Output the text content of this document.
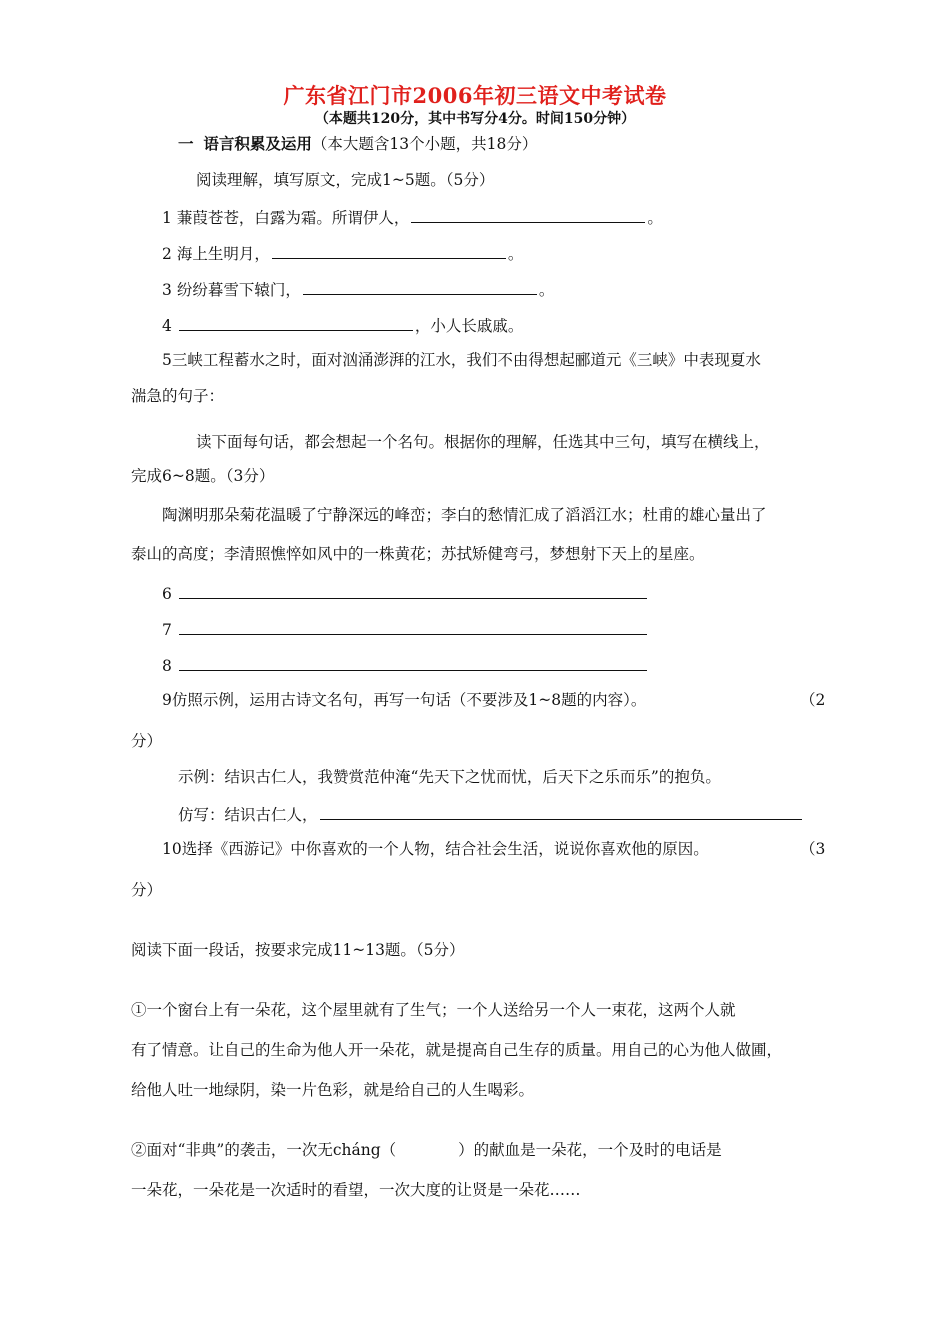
广东省江门市2006年初三语文中考试卷
（本题共120分，其中书写分4分。时间150分钟）
一 语言积累及运用（本大题含13个小题，共18分）
阅读理解，填写原文，完成1~5题。（5分）
1 蒹葭苍苍，白露为霜。所谓伊人，	。
2 海上生明月，	。
3 纷纷暮雪下辕门，	。
4	，小人长戚戚。
5三峡工程蓄水之时，面对汹涌澎湃的江水，我们不由得想起郦道元《三峡》中表现夏水
湍急的句子：
读下面每句话，都会想起一个名句。根据你的理解，任选其中三句，填写在横线上，
完成6~8题。（3分）
陶渊明那朵菊花温暖了宁静深远的峰峦；李白的愁情汇成了滔滔江水；杜甫的雄心量出了
泰山的高度；李清照憔悴如风中的一株黄花；苏拭矫健弯弓，梦想射下天上的星座。
6
7
8
9仿照示例，运用古诗文名句，再写一句话（不要涉及1~8题的内容）。	（2
分）
示例：结识古仁人，我赞赏范仲淹“先天下之忧而忧，后天下之乐而乐”的抱负。
仿写：结识古仁人，
10选择《西游记》中你喜欢的一个人物，结合社会生活，说说你喜欢他的原因。	（3
分）
阅读下面一段话，按要求完成11~13题。（5分）
①一个窗台上有一朵花，这个屋里就有了生气；一个人送给另一个人一束花，这两个人就
有了情意。让自己的生命为他人开一朵花，就是提高自己生存的质量。用自己的心为他人做圃，
给他人吐一地绿阴，染一片色彩，就是给自己的人生喝彩。
②面对“非典”的袭击，一次无cháng（	）的献血是一朵花，一个及时的电话是
一朵花，一朵花是一次适时的看望，一次大度的让贤是一朵花……
